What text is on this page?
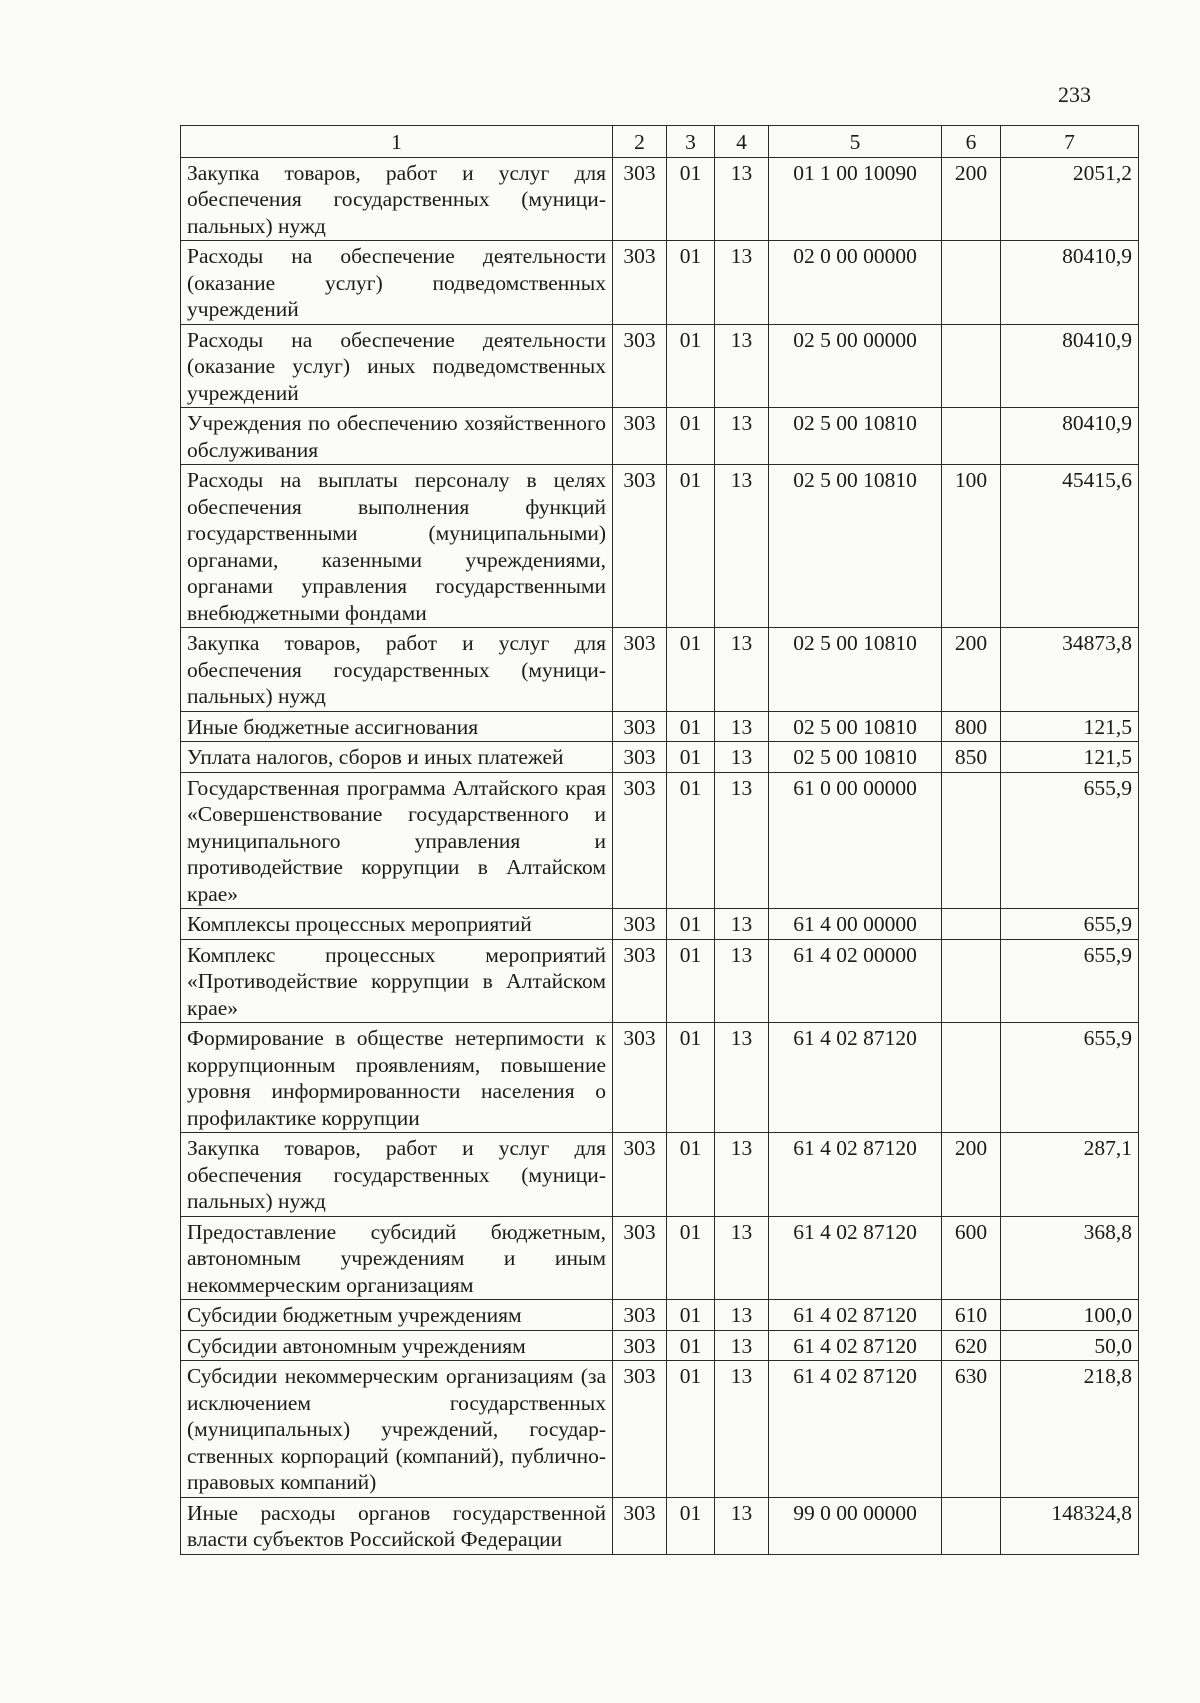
233
1	2	3	4	5	6	7
Закупка товаров, работ и услуг для обеспечения государственных (муниципальных) нужд	303	01	13	01 1 00 10090	200	2051,2
Расходы на обеспечение деятельности (оказание услуг) подведомственных учреждений	303	01	13	02 0 00 00000		80410,9
Расходы на обеспечение деятельности (оказание услуг) иных подведомственных учреждений	303	01	13	02 5 00 00000		80410,9
Учреждения по обеспечению хозяйственного обслуживания	303	01	13	02 5 00 10810		80410,9
Расходы на выплаты персоналу в целях обеспечения выполнения функций государственными (муниципальными) органами, казенными учреждениями, органами управления государственными внебюджетными фондами	303	01	13	02 5 00 10810	100	45415,6
Закупка товаров, работ и услуг для обеспечения государственных (муниципальных) нужд	303	01	13	02 5 00 10810	200	34873,8
Иные бюджетные ассигнования	303	01	13	02 5 00 10810	800	121,5
Уплата налогов, сборов и иных платежей	303	01	13	02 5 00 10810	850	121,5
Государственная программа Алтайского края «Совершенствование государственного и муниципального управления и противодействие коррупции в Алтайском крае»	303	01	13	61 0 00 00000		655,9
Комплексы процессных мероприятий	303	01	13	61 4 00 00000		655,9
Комплекс процессных мероприятий «Противодействие коррупции в Алтайском крае»	303	01	13	61 4 02 00000		655,9
Формирование в обществе нетерпимости к коррупционным проявлениям, повышение уровня информированности населения о профилактике коррупции	303	01	13	61 4 02 87120		655,9
Закупка товаров, работ и услуг для обеспечения государственных (муниципальных) нужд	303	01	13	61 4 02 87120	200	287,1
Предоставление субсидий бюджетным, автономным учреждениям и иным некоммерческим организациям	303	01	13	61 4 02 87120	600	368,8
Субсидии бюджетным учреждениям	303	01	13	61 4 02 87120	610	100,0
Субсидии автономным учреждениям	303	01	13	61 4 02 87120	620	50,0
Субсидии некоммерческим организациям (за исключением государственных (муниципальных) учреждений, государственных корпораций (компаний), публично-правовых компаний)	303	01	13	61 4 02 87120	630	218,8
Иные расходы органов государственной власти субъектов Российской Федерации	303	01	13	99 0 00 00000		148324,8
